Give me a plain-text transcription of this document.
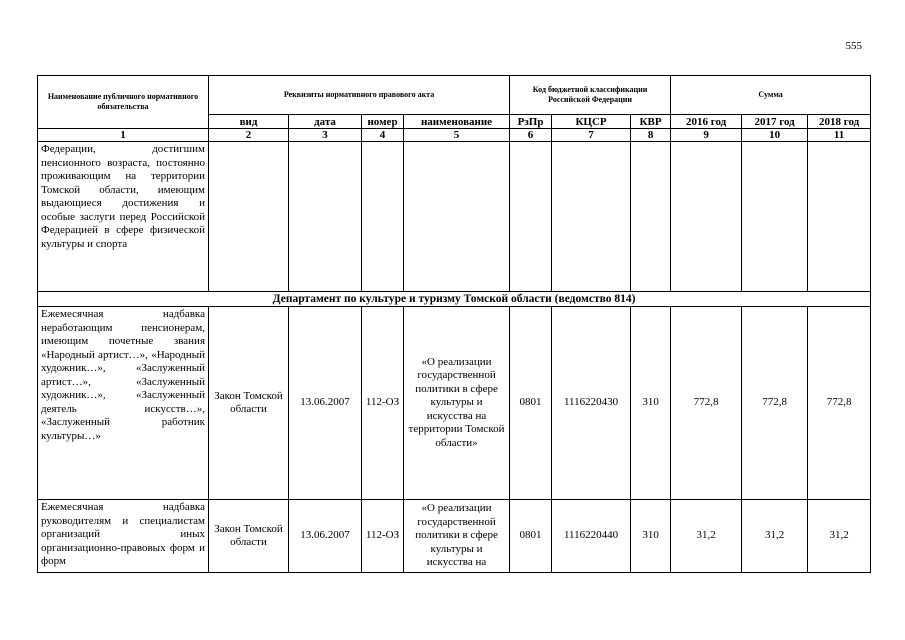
555
Наименование публичного нормативного обязательства	Реквизиты нормативного правового акта				Код бюджетной классификации Российской Федерации			Сумма		
	вид	дата	номер	наименование	РзПр	КЦСР	КВР	2016 год	2017 год	2018 год
1	2	3	4	5	6	7	8	9	10	11
Федерации, достигшим пенсионного возраста, постоянно проживающим на территории Томской области, имеющим выдающиеся достижения и особые заслуги перед Российской Федерацией в сфере физической культуры и спорта										
Департамент по культуре и туризму Томской области (ведомство 814)										
Ежемесячная надбавка неработающим пенсионерам, имеющим почетные звания «Народный артист…», «Народный художник…», «Заслуженный артист…», «Заслуженный художник…», «Заслуженный деятель искусств…», «Заслуженный работник культуры…»	Закон Томской области	13.06.2007	112-ОЗ	«О реализации государственной политики в сфере культуры и искусства на территории Томской области»	0801	1116220430	310	772,8	772,8	772,8
Ежемесячная надбавка руководителям и специалистам организаций иных организационно-правовых форм и форм	Закон Томской области	13.06.2007	112-ОЗ	«О реализации государственной политики в сфере культуры и искусства на	0801	1116220440	310	31,2	31,2	31,2
